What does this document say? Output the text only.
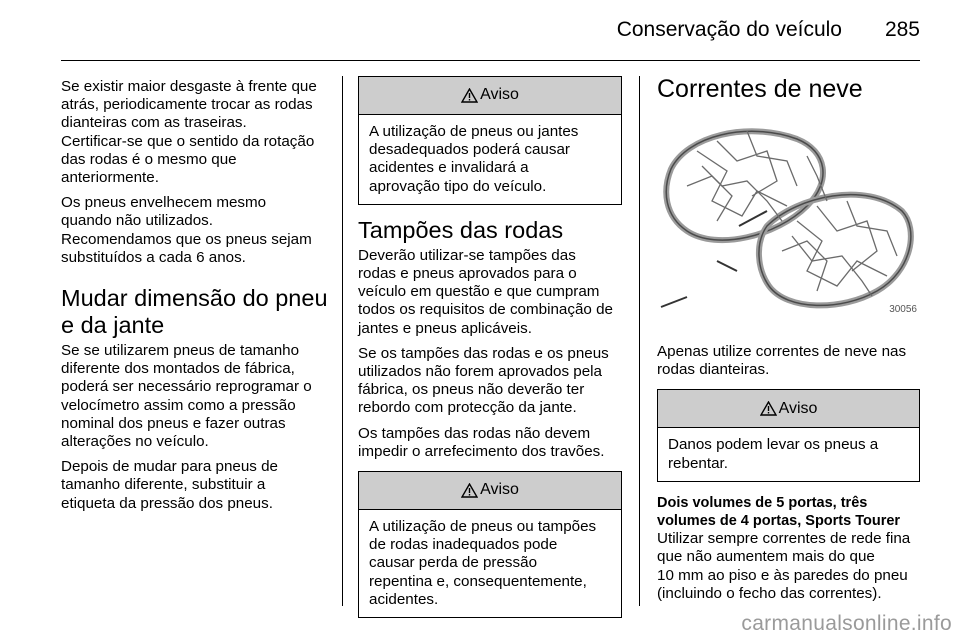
Conservação do veículo 285

Se existir maior desgaste à frente que
atrás, periodicamente trocar as rodas
dianteiras com as traseiras.
Certificar-se que o sentido da rotação
das rodas é o mesmo que
anteriormente.

Os pneus envelhecem mesmo
quando não utilizados.
Recomendamos que os pneus sejam
substituídos a cada 6 anos.

Mudar dimensão do pneu
e da jante

Se se utilizarem pneus de tamanho
diferente dos montados de fábrica,
poderá ser necessário reprogramar o
velocímetro assim como a pressão
nominal dos pneus e fazer outras
alterações no veículo.

Depois de mudar para pneus de
tamanho diferente, substituir a
etiqueta da pressão dos pneus.

Aviso
A utilização de pneus ou jantes
desadequados poderá causar
acidentes e invalidará a
aprovação tipo do veículo.
Tampões das rodas

Deverão utilizar-se tampões das
rodas e pneus aprovados para o
veículo em questão e que cumpram
todos os requisitos de combinação de
jantes e pneus aplicáveis.

Se os tampões das rodas e os pneus
utilizados não forem aprovados pela
fábrica, os pneus não deverão ter
rebordo com protecção da jante.

Os tampões das rodas não devem
impedir o arrefecimento dos travões.

Aviso
A utilização de pneus ou tampões
de rodas inadequados pode
causar perda de pressão
repentina e, consequentemente,
acidentes.
Correntes de neve
30056

Apenas utilize correntes de neve nas
rodas dianteiras.

Aviso
Danos podem levar os pneus a
rebentar.

Dois volumes de 5 portas, três
volumes de 4 portas, Sports Tourer
Utilizar sempre correntes de rede fina
que não aumentem mais do que
10 mm ao piso e às paredes do pneu
(incluindo o fecho das correntes).

carmanualsonline.info
